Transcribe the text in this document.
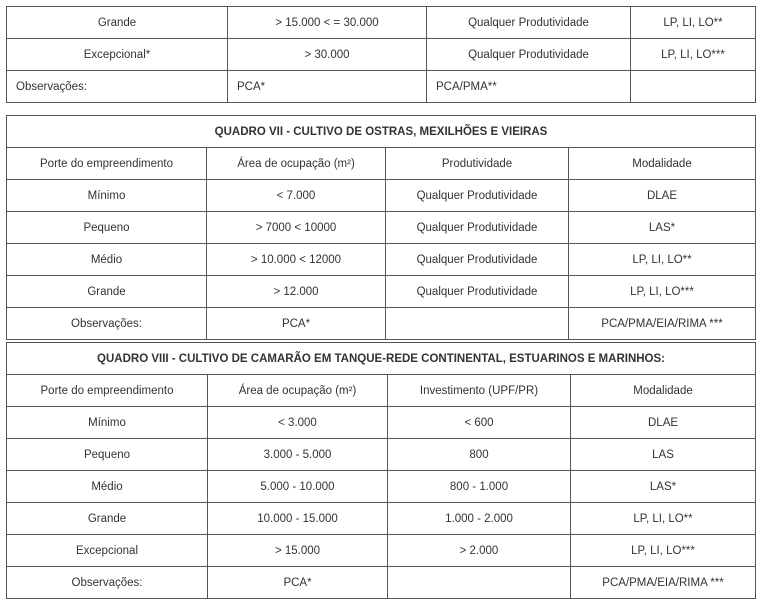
Grande	> 15.000 < = 30.000	Qualquer Produtividade	LP, LI, LO**
Excepcional*	> 30.000	Qualquer Produtividade	LP, LI, LO***
Observações:	PCA*	PCA/PMA**	
QUADRO VII - CULTIVO DE OSTRAS, MEXILHÕES E VIEIRAS			
Porte do empreendimento	Área de ocupação (m²)	Produtividade	Modalidade
Mínimo	< 7.000	Qualquer Produtividade	DLAE
Pequeno	> 7000 < 10000	Qualquer Produtividade	LAS*
Médio	> 10.000 < 12000	Qualquer Produtividade	LP, LI, LO**
Grande	> 12.000	Qualquer Produtividade	LP, LI, LO***
Observações:	PCA*		PCA/PMA/EIA/RIMA ***
QUADRO VIII - CULTIVO DE CAMARÃO EM TANQUE-REDE CONTINENTAL, ESTUARINOS E MARINHOS:			
Porte do empreendimento	Área de ocupação (m²)	Investimento (UPF/PR)	Modalidade
Mínimo	< 3.000	< 600	DLAE
Pequeno	3.000 - 5.000	800	LAS
Médio	5.000 - 10.000	800 - 1.000	LAS*
Grande	10.000 - 15.000	1.000 - 2.000	LP, LI, LO**
Excepcional	> 15.000	> 2.000	LP, LI, LO***
Observações:	PCA*		PCA/PMA/EIA/RIMA ***
